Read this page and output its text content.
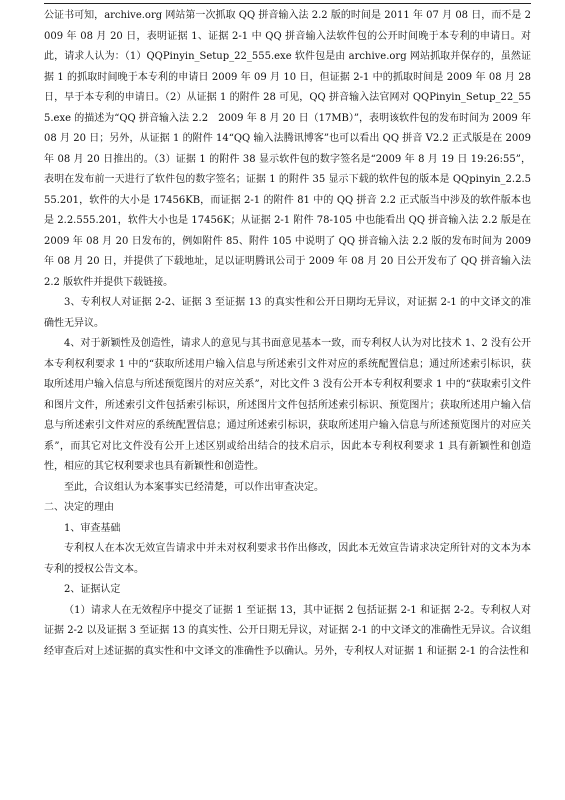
公证书可知，archive.org 网站第一次抓取 QQ 拼音输入法 2.2 版的时间是 2011 年 07 月 08 日，而不是 2009 年 08 月 20 日，表明证据 1、证据 2-1 中 QQ 拼音输入法软件包的公开时间晚于本专利的申请日。对此，请求人认为：（1）QQPinyin_Setup_22_555.exe 软件包是由 archive.org 网站抓取并保存的，虽然证据 1 的抓取时间晚于本专利的申请日 2009 年 09 月 10 日，但证据 2-1 中的抓取时间是 2009 年 08 月 28 日，早于本专利的申请日。（2）从证据 1 的附件 28 可见，QQ 拼音输入法官网对 QQPinyin_Setup_22_555.exe 的描述为“QQ 拼音输入法 2.2　2009 年 8 月 20 日（17MB）”，表明该软件包的发布时间为 2009 年 08 月 20 日；另外，从证据 1 的附件 14“QQ 输入法腾讯博客”也可以看出 QQ 拼音 V2.2 正式版是在 2009 年 08 月 20 日推出的。（3）证据 1 的附件 38 显示软件包的数字签名是“2009 年 8 月 19 日 19:26:55”，表明在发布前一天进行了软件包的数字签名；证据 1 的附件 35 显示下载的软件包的版本是 QQpinyin_2.2.555.201，软件的大小是 17456KB，而证据 2-1 的附件 81 中的 QQ 拼音 2.2 正式版当中涉及的软件版本也是 2.2.555.201，软件大小也是 17456K；从证据 2-1 附件 78-105 中也能看出 QQ 拼音输入法 2.2 版是在 2009 年 08 月 20 日发布的，例如附件 85、附件 105 中说明了 QQ 拼音输入法 2.2 版的发布时间为 2009 年 08 月 20 日，并提供了下载地址，足以证明腾讯公司于 2009 年 08 月 20 日公开发布了 QQ 拼音输入法 2.2 版软件并提供下载链接。

3、专利权人对证据 2-2、证据 3 至证据 13 的真实性和公开日期均无异议，对证据 2-1 的中文译文的准确性无异议。

4、对于新颖性及创造性，请求人的意见与其书面意见基本一致，而专利权人认为对比技术 1、2 没有公开本专利权利要求 1 中的“获取所述用户输入信息与所述索引文件对应的系统配置信息；通过所述索引标识，获取所述用户输入信息与所述预览图片的对应关系”，对比文件 3 没有公开本专利权利要求 1 中的“获取索引文件和图片文件，所述索引文件包括索引标识，所述图片文件包括所述索引标识、预览图片；获取所述用户输入信息与所述索引文件对应的系统配置信息；通过所述索引标识，获取所述用户输入信息与所述预览图片的对应关系”，而其它对比文件没有公开上述区别或给出结合的技术启示，因此本专利权利要求 1 具有新颖性和创造性，相应的其它权利要求也具有新颖性和创造性。

至此，合议组认为本案事实已经清楚，可以作出审查决定。

二、决定的理由

1、审查基础

专利权人在本次无效宣告请求中并未对权利要求书作出修改，因此本无效宣告请求决定所针对的文本为本专利的授权公告文本。

2、证据认定

（1）请求人在无效程序中提交了证据 1 至证据 13，其中证据 2 包括证据 2-1 和证据 2-2。专利权人对证据 2-2 以及证据 3 至证据 13 的真实性、公开日期无异议，对证据 2-1 的中文译文的准确性无异议。合议组经审查后对上述证据的真实性和中文译文的准确性予以确认。另外，专利权人对证据 1 和证据 2-1 的合法性和
